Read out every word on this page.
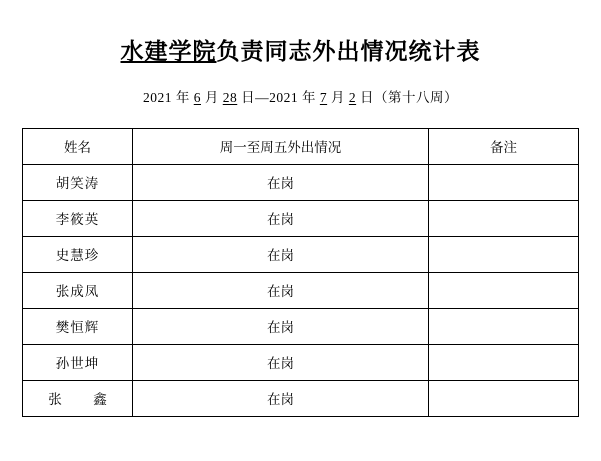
水建学院负责同志外出情况统计表

2021 年 6 月 28 日—2021 年 7 月 2 日（第十八周）

姓名	周一至周五外出情况	备注
胡笑涛	在岗	
李筱英	在岗	
史慧珍	在岗	
张成凤	在岗	
樊恒辉	在岗	
孙世坤	在岗	
张　鑫	在岗	
